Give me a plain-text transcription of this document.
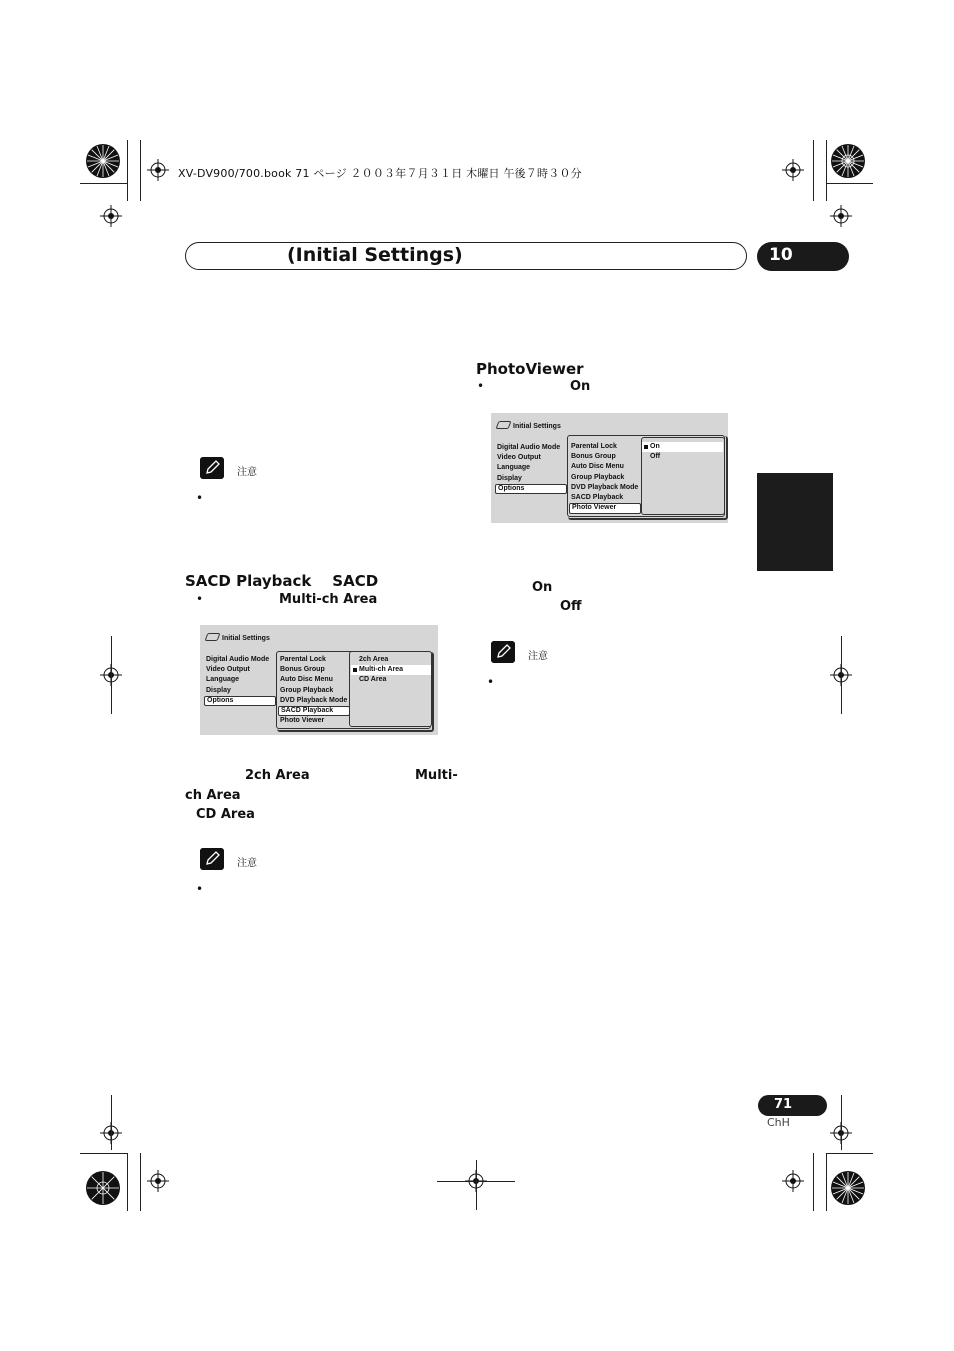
XV-DV900/700.book 71 ページ ２００３年７月３１日 木曜日 午後７時３０分
(Initial Settings)	10
注意
•
SACD Playback SACD
•	Multi-ch Area
Initial Settings
Digital Audio Mode
Video Output
Language
Display
Options
Parental Lock
Bonus Group
Auto Disc Menu
Group Playback
DVD Playback Mode
SACD Playback
Photo Viewer
2ch Area
Multi-ch Area
CD Area
2ch Area	Multi-
ch Area
CD Area
注意
•
PhotoViewer
•	On
Initial Settings
Digital Audio Mode
Video Output
Language
Display
Options
Parental Lock
Bonus Group
Auto Disc Menu
Group Playback
DVD Playback Mode
SACD Playback
Photo Viewer
On
Off
On
Off
注意
•
71
ChH
